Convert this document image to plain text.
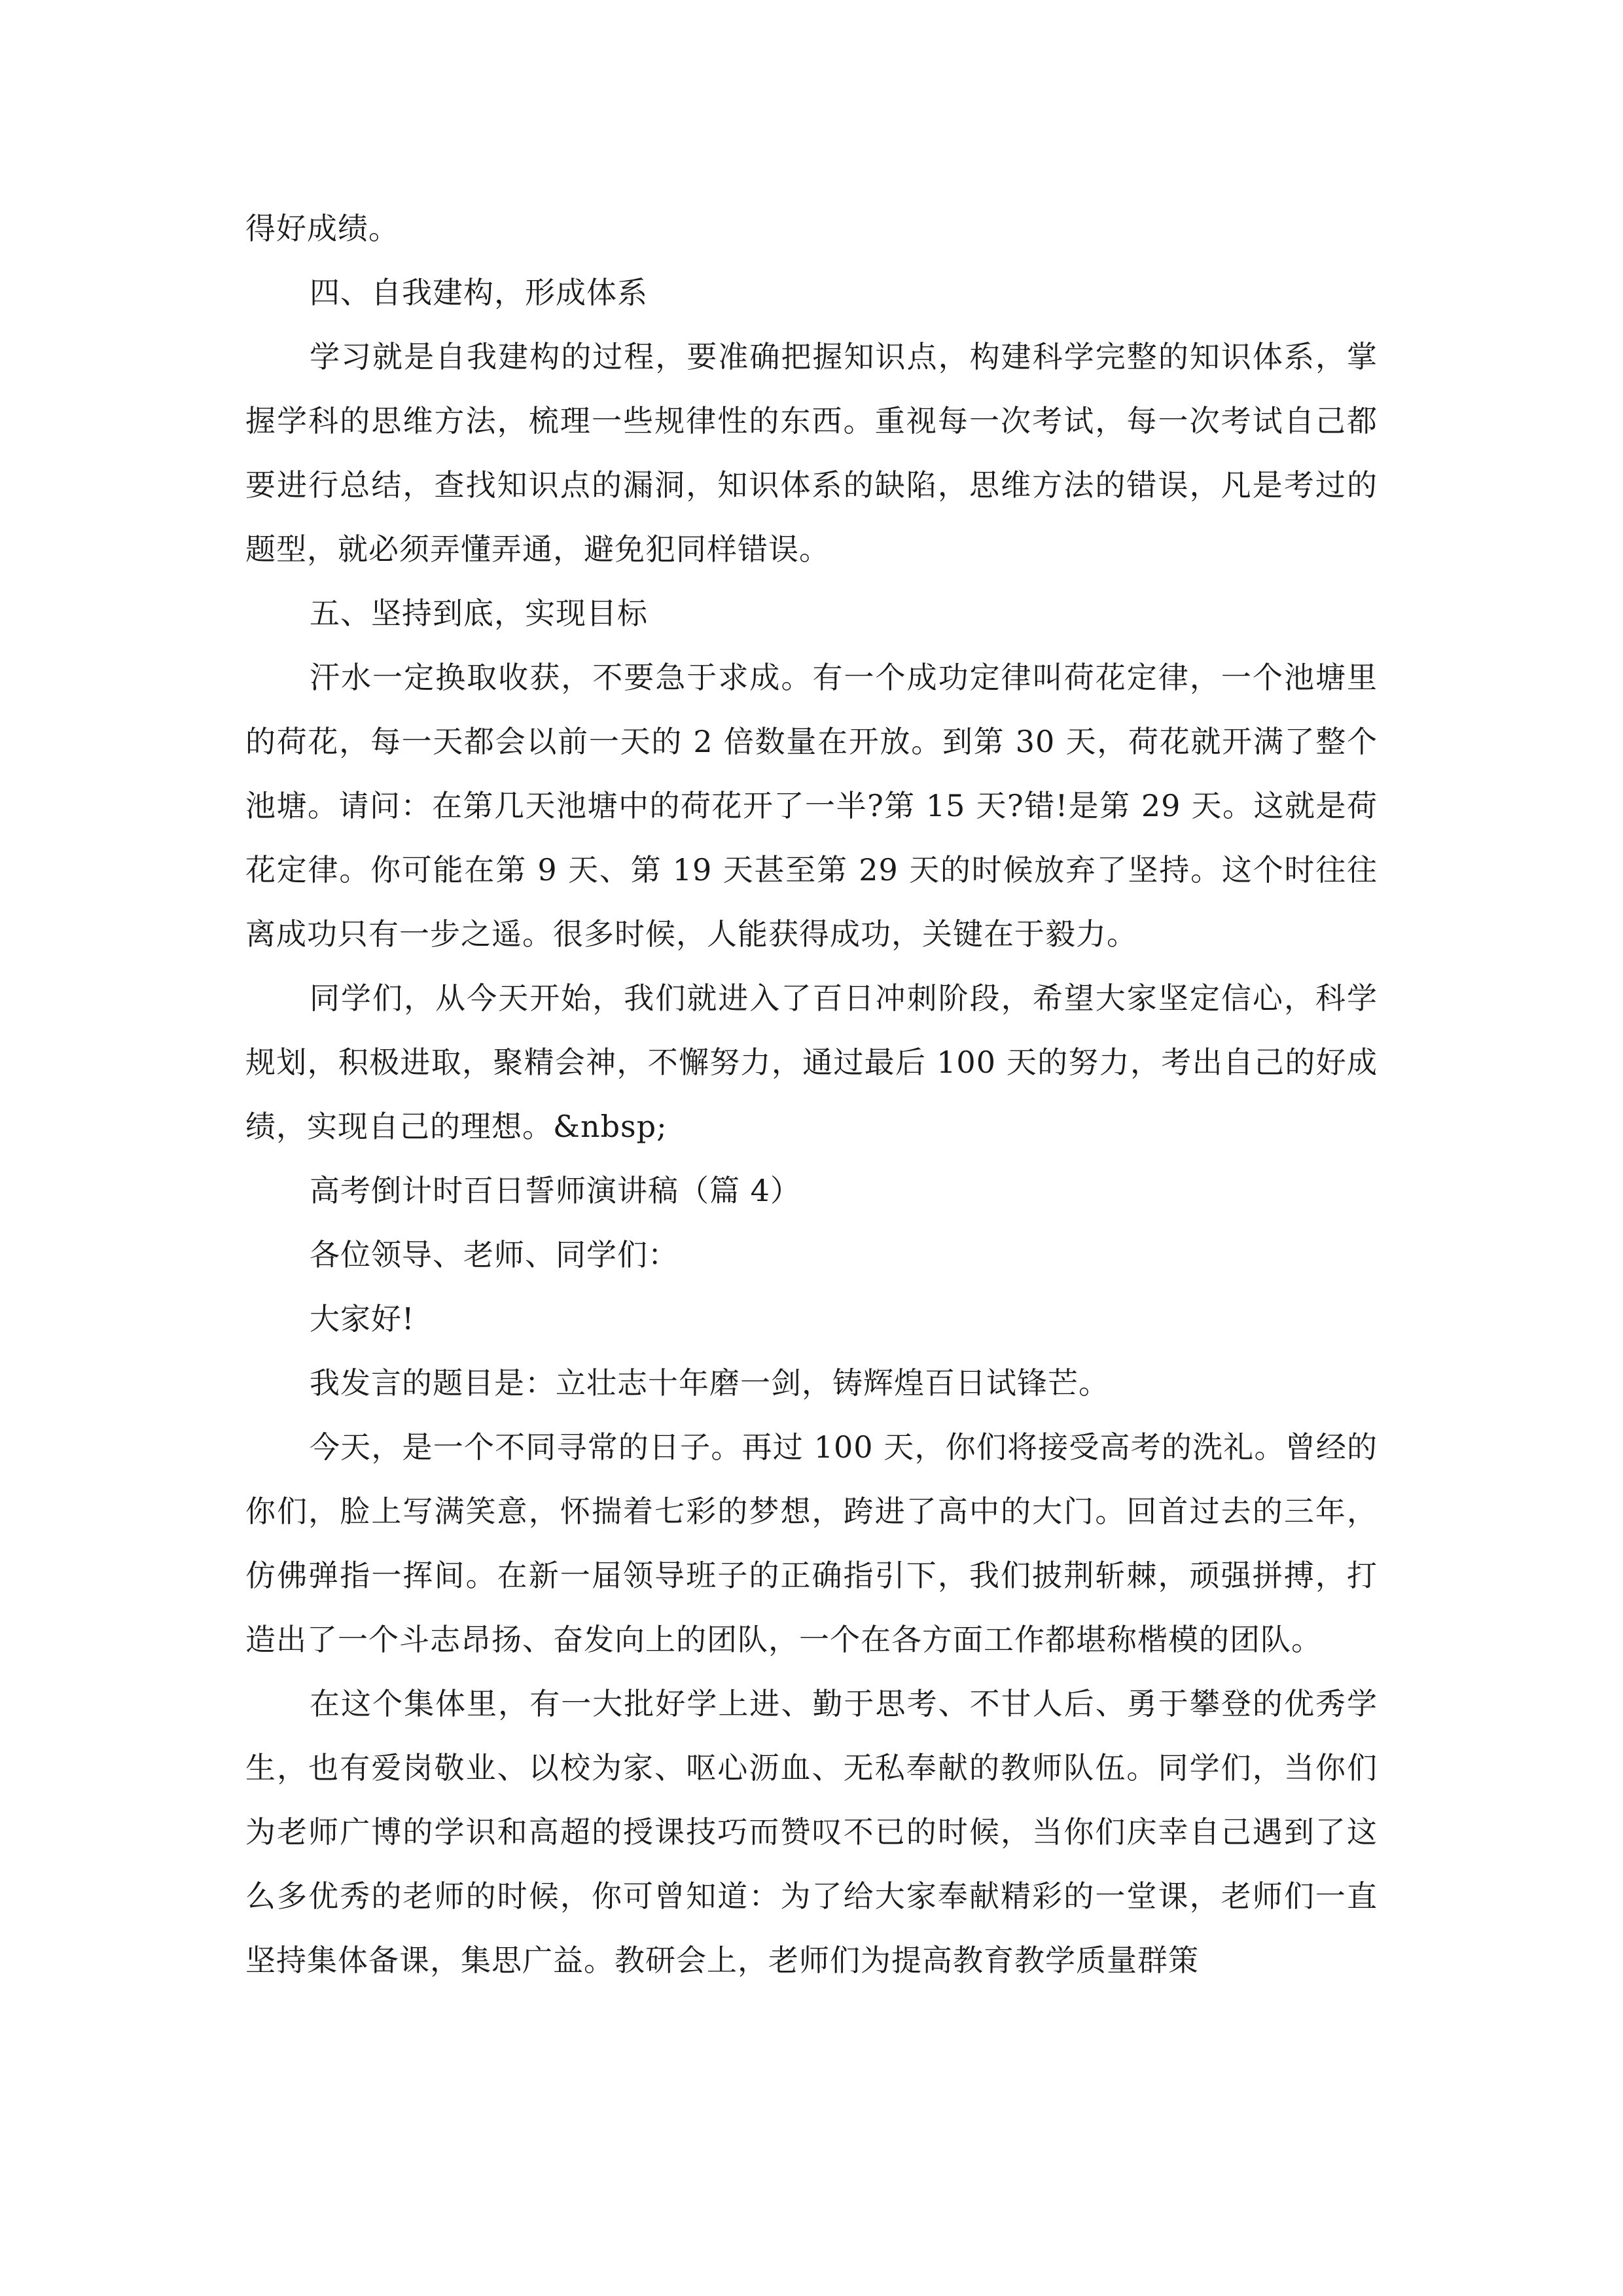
得好成绩。

四、自我建构，形成体系

学习就是自我建构的过程，要准确把握知识点，构建科学完整的知识体系，掌握学科的思维方法，梳理一些规律性的东西。重视每一次考试，每一次考试自己都要进行总结，查找知识点的漏洞，知识体系的缺陷，思维方法的错误，凡是考过的题型，就必须弄懂弄通，避免犯同样错误。

五、坚持到底，实现目标

汗水一定换取收获，不要急于求成。有一个成功定律叫荷花定律，一个池塘里的荷花，每一天都会以前一天的 2 倍数量在开放。到第 30 天，荷花就开满了整个池塘。请问：在第几天池塘中的荷花开了一半?第 15 天?错!是第 29 天。这就是荷花定律。你可能在第 9 天、第 19 天甚至第 29 天的时候放弃了坚持。这个时往往离成功只有一步之遥。很多时候，人能获得成功，关键在于毅力。

同学们，从今天开始，我们就进入了百日冲刺阶段，希望大家坚定信心，科学规划，积极进取，聚精会神，不懈努力，通过最后 100 天的努力，考出自己的好成绩，实现自己的理想。&nbsp;

高考倒计时百日誓师演讲稿（篇 4）

各位领导、老师、同学们：

大家好!

我发言的题目是：立壮志十年磨一剑，铸辉煌百日试锋芒。

今天，是一个不同寻常的日子。再过 100 天，你们将接受高考的洗礼。曾经的你们，脸上写满笑意，怀揣着七彩的梦想，跨进了高中的大门。回首过去的三年，仿佛弹指一挥间。在新一届领导班子的正确指引下，我们披荆斩棘，顽强拼搏，打造出了一个斗志昂扬、奋发向上的团队，一个在各方面工作都堪称楷模的团队。

在这个集体里，有一大批好学上进、勤于思考、不甘人后、勇于攀登的优秀学生，也有爱岗敬业、以校为家、呕心沥血、无私奉献的教师队伍。同学们，当你们为老师广博的学识和高超的授课技巧而赞叹不已的时候，当你们庆幸自己遇到了这么多优秀的老师的时候，你可曾知道：为了给大家奉献精彩的一堂课，老师们一直坚持集体备课，集思广益。教研会上，老师们为提高教育教学质量群策
